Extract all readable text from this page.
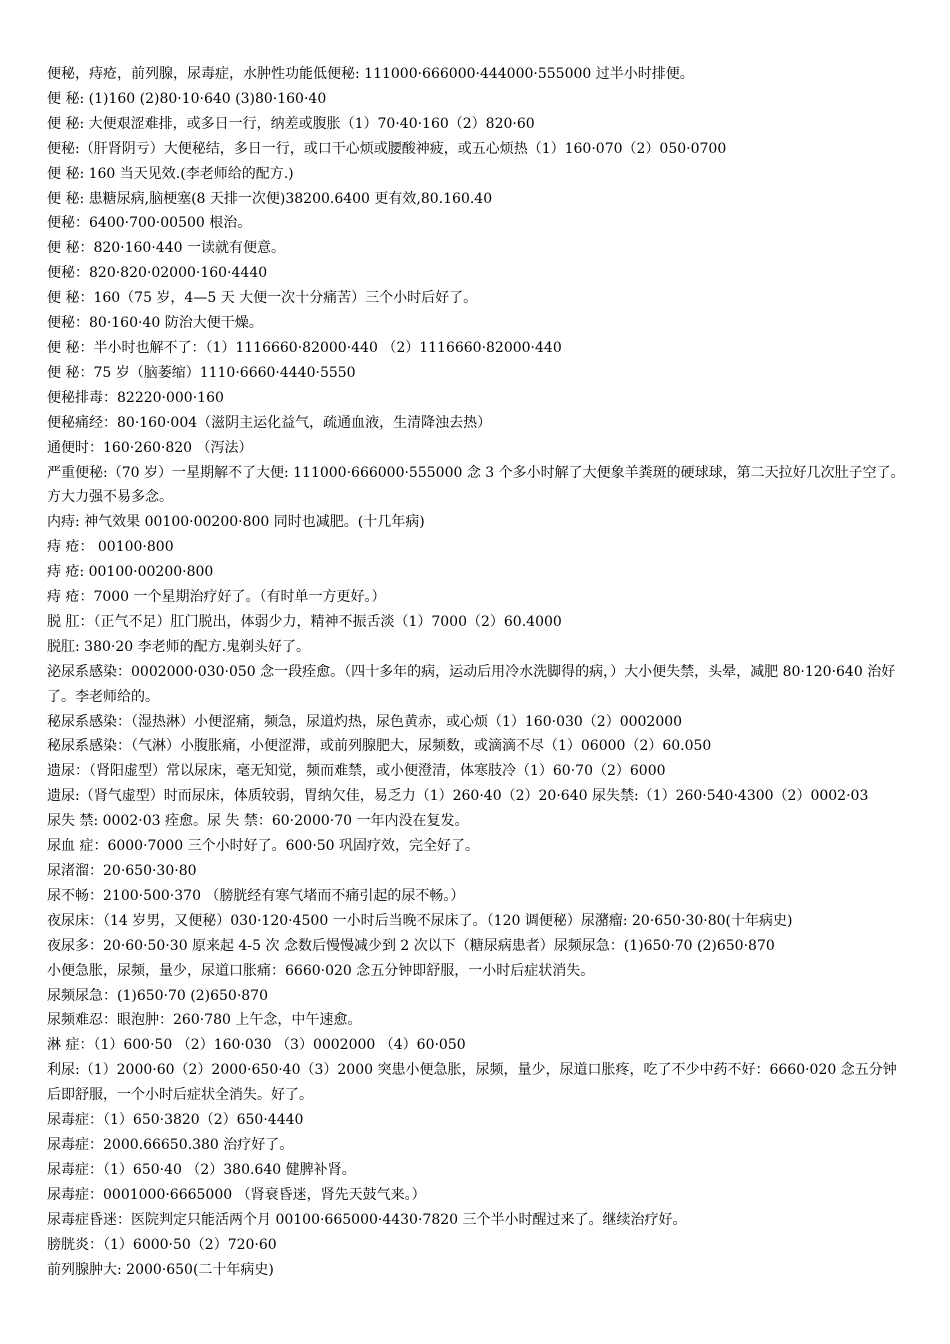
便秘，痔疮，前列腺，尿毒症，水肿性功能低便秘: 111000·666000·444000·555000 过半小时排便。
便 秘: (1)160 (2)80·10·640 (3)80·160·40
便 秘: 大便艰涩难排，或多日一行，纳差或腹胀（1）70·40·160（2）820·60
便秘:（肝肾阴亏）大便秘结，多日一行，或口干心烦或腰酸神疲，或五心烦热（1）160·070（2）050·0700
便 秘: 160 当天见效.(李老师给的配方.)
便 秘: 患糖尿病,脑梗塞(8 天排一次便)38200.6400 更有效,80.160.40
便秘：6400·700·00500 根治。
便 秘：820·160·440 一读就有便意。
便秘：820·820·02000·160·4440
便 秘：160（75 岁，4—5 天 大便一次十分痛苦）三个小时后好了。
便秘：80·160·40 防治大便干燥。
便 秘：半小时也解不了：（1）1116660·82000·440 （2）1116660·82000·440
便 秘：75 岁（脑萎缩）1110·6660·4440·5550
便秘排毒：82220·000·160
便秘痛经：80·160·004（滋阴主运化益气，疏通血液，生清降浊去热）
通便时：160·260·820 （泻法）
严重便秘:（70 岁）一星期解不了大便: 111000·666000·555000 念 3 个多小时解了大便象羊粪斑的硬球球，第二天拉好几次肚子空了。方大力强不易多念。
内痔: 神气效果 00100·00200·800 同时也减肥。(十几年病)
痔 疮： 00100·800
痔 疮: 00100·00200·800
痔 疮：7000 一个星期治疗好了。（有时单一方更好。）
脱 肛：（正气不足）肛门脱出，体弱少力，精神不振舌淡（1）7000（2）60.4000
脱肛: 380·20 李老师的配方.鬼剃头好了。
泌尿系感染：0002000·030·050 念一段痊愈。（四十多年的病，运动后用冷水洗脚得的病，）大小便失禁，头晕，减肥 80·120·640 治好了。李老师给的。
秘尿系感染：（湿热淋）小便涩痛，频急，尿道灼热，尿色黄赤，或心烦（1）160·030（2）0002000
秘尿系感染：（气淋）小腹胀痛，小便涩滞，或前列腺肥大，尿频数，或滴滴不尽（1）06000（2）60.050
遗尿：（肾阳虚型）常以尿床，毫无知觉，频而难禁，或小便澄清，体寒肢冷（1）60·70（2）6000
遗尿:（肾气虚型）时而尿床，体质较弱，胃纳欠佳，易乏力（1）260·40（2）20·640 尿失禁:（1）260·540·4300（2）0002·03
尿失 禁: 0002·03 痊愈。尿 失 禁：60·2000·70 一年内没在复发。
尿血 症：6000·7000 三个小时好了。600·50 巩固疗效，完全好了。
尿渚溜：20·650·30·80
尿不畅：2100·500·370 （膀胱经有寒气堵而不痛引起的尿不畅。）
夜尿床：（14 岁男，又便秘）030·120·4500 一小时后当晚不尿床了。（120 调便秘）尿潴瘤: 20·650·30·80(十年病史)
夜尿多：20·60·50·30 原来起 4-5 次 念数后慢慢减少到 2 次以下（糖尿病患者）尿频尿急：(1)650·70 (2)650·870
小便急胀，尿频，量少，尿道口胀痛：6660·020 念五分钟即舒服，一小时后症状消失。
尿频尿急：(1)650·70 (2)650·870
尿频难忍：眼泡肿：260·780 上午念，中午速愈。
淋 症：（1）600·50 （2）160·030 （3）0002000 （4）60·050
利尿:（1）2000·60（2）2000·650·40（3）2000 突患小便急胀，尿频，量少，尿道口胀疼，吃了不少中药不好：6660·020 念五分钟后即舒服，一个小时后症状全消失。好了。
尿毒症：（1）650·3820（2）650·4440
尿毒症：2000.66650.380 治疗好了。
尿毒症：（1）650·40 （2）380.640 健脾补肾。
尿毒症：0001000·6665000 （肾衰昏迷，肾先天鼓气来。）
尿毒症昏迷：医院判定只能活两个月 00100·665000·4430·7820 三个半小时醒过来了。继续治疗好。
膀胱炎：（1）6000·50（2）720·60
前列腺肿大: 2000·650(二十年病史)
